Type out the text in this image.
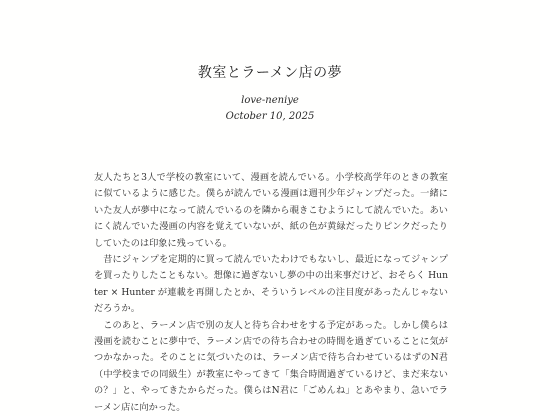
教室とラーメン店の夢
love-neniye
October 10, 2025

友人たちと3人で学校の教室にいて、漫画を読んでいる。小学校高学年のときの教室に似ているように感じた。僕らが読んでいる漫画は週刊少年ジャンプだった。一緒にいた友人が夢中になって読んでいるのを隣から覗きこむようにして読んでいた。あいにく読んでいた漫画の内容を覚えていないが、紙の色が黄緑だったりピンクだったりしていたのは印象に残っている。

昔にジャンプを定期的に買って読んでいたわけでもないし、最近になってジャンプを買ったりしたこともない。想像に過ぎないし夢の中の出来事だけど、おそらく Hunter × Hunter が連載を再開したとか、そういうレベルの注目度があったんじゃないだろうか。

このあと、ラーメン店で別の友人と待ち合わせをする予定があった。しかし僕らは漫画を読むことに夢中で、ラーメン店での待ち合わせの時間を過ぎていることに気がつかなかった。そのことに気づいたのは、ラーメン店で待ち合わせているはずのN君（中学校までの同級生）が教室にやってきて「集合時間過ぎているけど、まだ来ないの？」と、やってきたからだった。僕らはN君に「ごめんね」とあやまり、急いでラーメン店に向かった。
